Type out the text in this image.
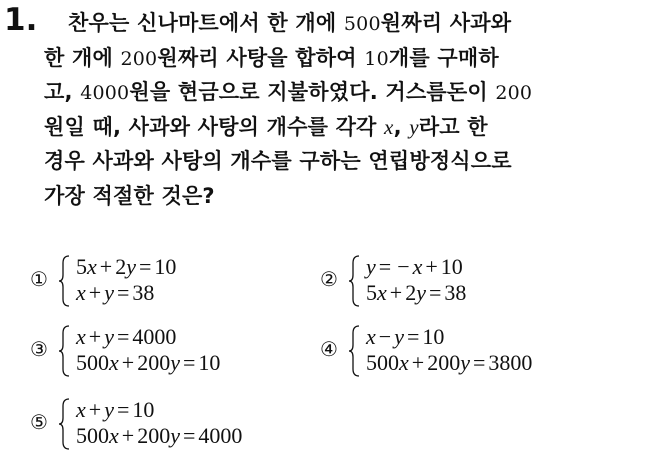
1.	찬우는 신나마트에서 한 개에 500원짜리 사과와
한 개에 200원짜리 사탕을 합하여 10개를 구매하
고, 4000원을 현금으로 지불하였다. 거스름돈이 200
원일 때, 사과와 사탕의 개수를 각각 x, y라고 한
경우 사과와 사탕의 개수를 구하는 연립방정식으로
가장 적절한 것은?
① 5x + 2y = 10
x + y = 38
② y = − x + 10
5x + 2y = 38
③ x + y = 4000
500x + 200y = 10
④ x − y = 10
500x + 200y = 3800
⑤ x + y = 10
500x + 200y = 4000
